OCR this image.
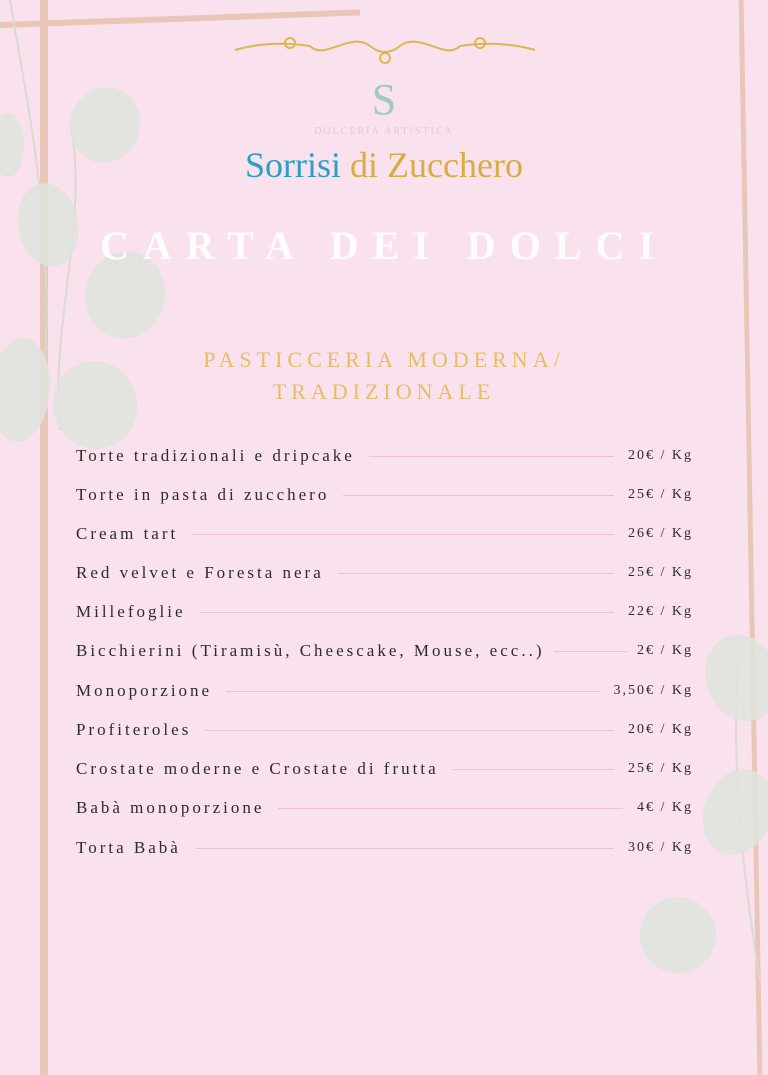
S
DOLCERIA ARTISTICA
Sorrisi di Zucchero
CARTA DEI DOLCI
PASTICCERIA MODERNA/
TRADIZIONALE
Torte tradizionali e dripcake	20€ / Kg
Torte in pasta di zucchero	25€ / Kg
Cream tart	26€ / Kg
Red velvet e Foresta nera	25€ / Kg
Millefoglie	22€ / Kg
Bicchierini (Tiramisù, Cheescake, Mouse, ecc..)	2€ / Kg
Monoporzione	3,50€ / Kg
Profiteroles	20€ / Kg
Crostate moderne e Crostate di frutta	25€ / Kg
Babà monoporzione	4€ / Kg
Torta Babà	30€ / Kg
